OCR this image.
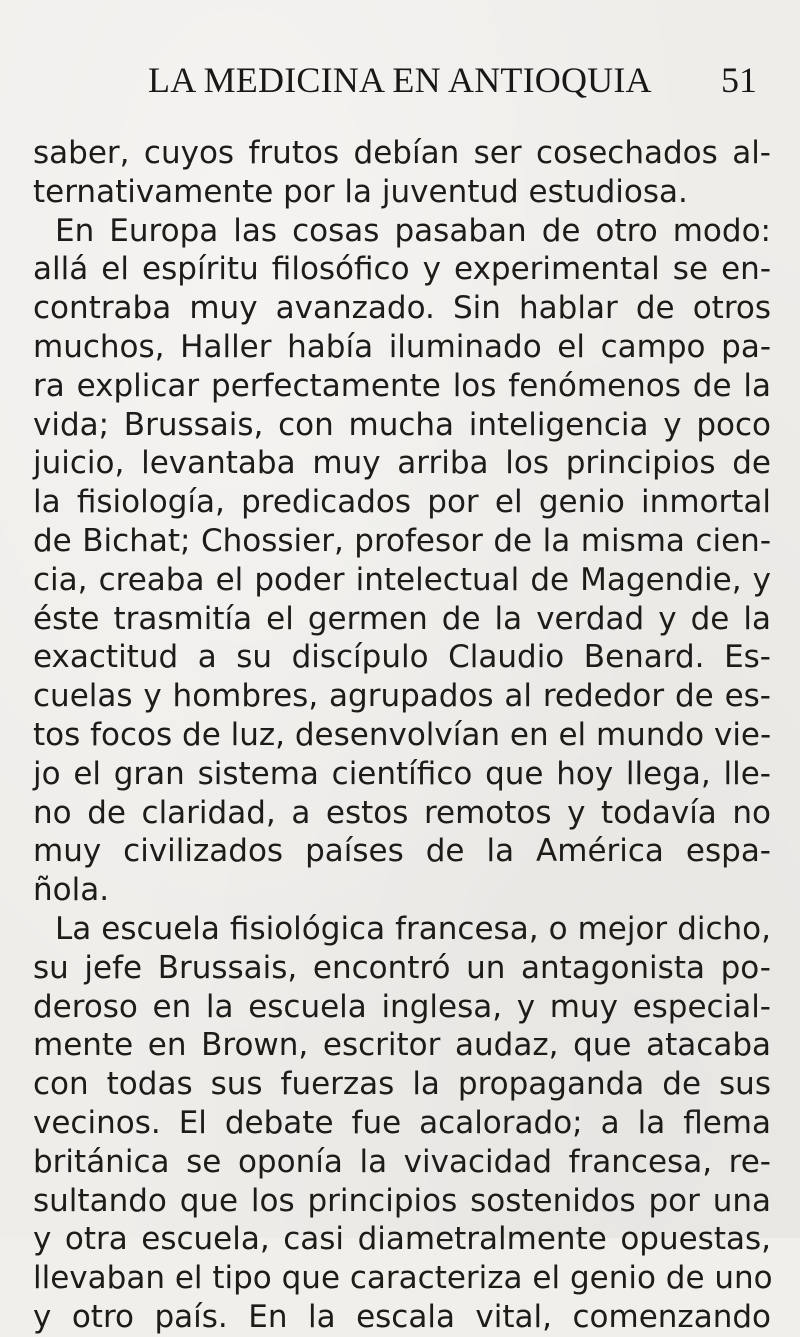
LA MEDICINA EN ANTIOQUIA 51
saber, cuyos frutos debían ser cosechados al-
ternativamente por la juventud estudiosa.
En Europa las cosas pasaban de otro modo:
allá el espíritu filosófico y experimental se en-
contraba muy avanzado. Sin hablar de otros
muchos, Haller había iluminado el campo pa-
ra explicar perfectamente los fenómenos de la
vida; Brussais, con mucha inteligencia y poco
juicio, levantaba muy arriba los principios de
la fisiología, predicados por el genio inmortal
de Bichat; Chossier, profesor de la misma cien-
cia, creaba el poder intelectual de Magendie, y
éste trasmitía el germen de la verdad y de la
exactitud a su discípulo Claudio Benard. Es-
cuelas y hombres, agrupados al rededor de es-
tos focos de luz, desenvolvían en el mundo vie-
jo el gran sistema científico que hoy llega, lle-
no de claridad, a estos remotos y todavía no
muy civilizados países de la América espa-
ñola.
La escuela fisiológica francesa, o mejor dicho,
su jefe Brussais, encontró un antagonista po-
deroso en la escuela inglesa, y muy especial-
mente en Brown, escritor audaz, que atacaba
con todas sus fuerzas la propaganda de sus
vecinos. El debate fue acalorado; a la flema
británica se oponía la vivacidad francesa, re-
sultando que los principios sostenidos por una
y otra escuela, casi diametralmente opuestas,
llevaban el tipo que caracteriza el genio de uno
y otro país. En la escala vital, comenzando
